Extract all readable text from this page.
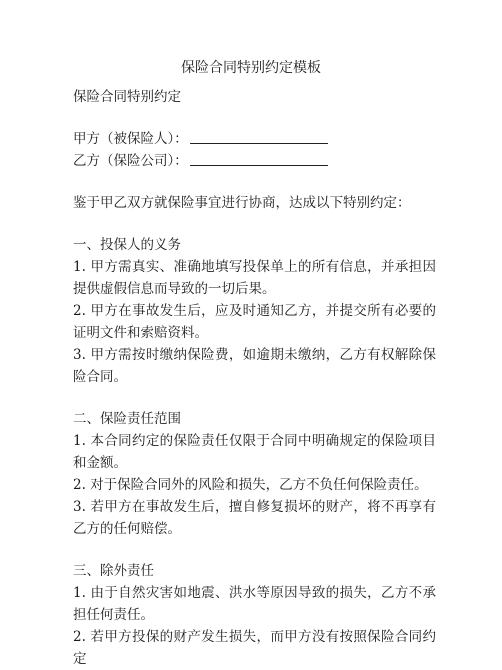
保险合同特别约定模板
保险合同特别约定
甲方（被保险人）：
乙方（保险公司）：
鉴于甲乙双方就保险事宜进行协商，达成以下特别约定：
一、投保人的义务
1. 甲方需真实、准确地填写投保单上的所有信息，并承担因提供虚假信息而导致的一切后果。
2. 甲方在事故发生后，应及时通知乙方，并提交所有必要的证明文件和索赔资料。
3. 甲方需按时缴纳保险费，如逾期未缴纳，乙方有权解除保险合同。
二、保险责任范围
1. 本合同约定的保险责任仅限于合同中明确规定的保险项目和金额。
2. 对于保险合同外的风险和损失，乙方不负任何保险责任。
3. 若甲方在事故发生后，擅自修复损坏的财产，将不再享有乙方的任何赔偿。
三、除外责任
1. 由于自然灾害如地震、洪水等原因导致的损失，乙方不承担任何责任。
2. 若甲方投保的财产发生损失，而甲方没有按照保险合同约定
